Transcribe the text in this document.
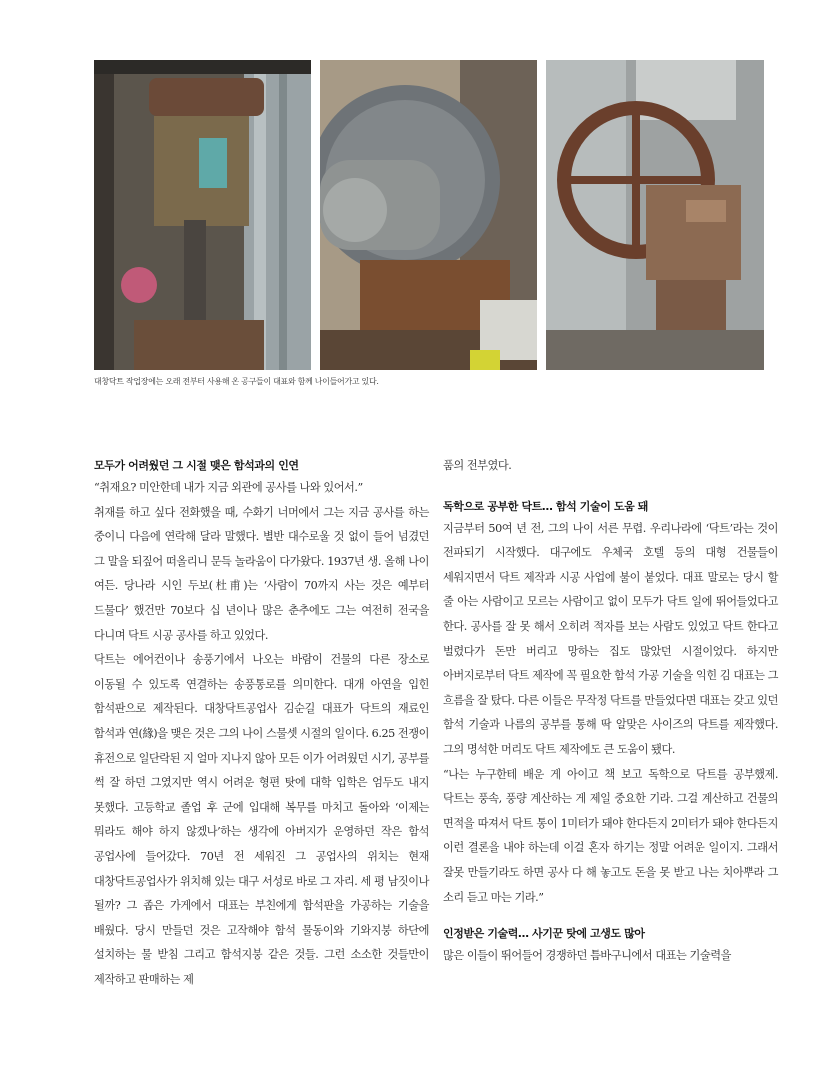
대창닥트 작업장에는 오래 전부터 사용해 온 공구들이 대표와 함께 나이들어가고 있다.
모두가 어려웠던 그 시절 맺은 함석과의 인연

“취재요? 미안한데 내가 지금 외관에 공사를 나와 있어서.”

취재를 하고 싶다 전화했을 때, 수화기 너머에서 그는 지금 공사를 하는 중이니 다음에 연락해 달라 말했다. 별반 대수로울 것 없이 들어 넘겼던 그 말을 되짚어 떠올리니 문득 놀라움이 다가왔다. 1937년 생. 올해 나이 여든. 당나라 시인 두보(杜甫)는 ‘사람이 70까지 사는 것은 예부터 드물다’ 했건만 70보다 십 년이나 많은 춘추에도 그는 여전히 전국을 다니며 닥트 시공 공사를 하고 있었다.

닥트는 에어컨이나 송풍기에서 나오는 바람이 건물의 다른 장소로 이동될 수 있도록 연결하는 송풍통로를 의미한다. 대개 아연을 입힌 함석판으로 제작된다. 대창닥트공업사 김순길 대표가 닥트의 재료인 함석과 연(緣)을 맺은 것은 그의 나이 스물셋 시절의 일이다. 6.25 전쟁이 휴전으로 일단락된 지 얼마 지나지 않아 모든 이가 어려웠던 시기, 공부를 썩 잘 하던 그였지만 역시 어려운 형편 탓에 대학 입학은 엄두도 내지 못했다. 고등학교 졸업 후 군에 입대해 복무를 마치고 돌아와 ‘이제는 뭐라도 해야 하지 않겠나’하는 생각에 아버지가 운영하던 작은 함석 공업사에 들어갔다. 70년 전 세워진 그 공업사의 위치는 현재 대창닥트공업사가 위치해 있는 대구 서성로 바로 그 자리. 세 평 남짓이나 될까? 그 좁은 가게에서 대표는 부친에게 함석판을 가공하는 기술을 배웠다. 당시 만들던 것은 고작해야 함석 물동이와 기와지붕 하단에 설치하는 물 받침 그리고 함석지붕 같은 것들. 그런 소소한 것들만이 제작하고 판매하는 제

품의 전부였다.

독학으로 공부한 닥트… 함석 기술이 도움 돼

지금부터 50여 년 전, 그의 나이 서른 무렵. 우리나라에 ‘닥트’라는 것이 전파되기 시작했다. 대구에도 우체국 호텔 등의 대형 건물들이 세워지면서 닥트 제작과 시공 사업에 불이 붙었다. 대표 말로는 당시 할 줄 아는 사람이고 모르는 사람이고 없이 모두가 닥트 일에 뛰어들었다고 한다. 공사를 잘 못 해서 오히려 적자를 보는 사람도 있었고 닥트 한다고 벌렸다가 돈만 버리고 망하는 집도 많았던 시절이었다. 하지만 아버지로부터 닥트 제작에 꼭 필요한 함석 가공 기술을 익힌 김 대표는 그 흐름을 잘 탔다. 다른 이들은 무작정 닥트를 만들었다면 대표는 갖고 있던 함석 기술과 나름의 공부를 통해 딱 알맞은 사이즈의 닥트를 제작했다. 그의 명석한 머리도 닥트 제작에도 큰 도움이 됐다.

“나는 누구한테 배운 게 아이고 책 보고 독학으로 닥트를 공부했제. 닥트는 풍속, 풍량 계산하는 게 제일 중요한 기라. 그걸 계산하고 건물의 면적을 따져서 닥트 통이 1미터가 돼야 한다든지 2미터가 돼야 한다든지 이런 결론을 내야 하는데 이걸 혼자 하기는 정말 어려운 일이지. 그래서 잘못 만들기라도 하면 공사 다 해 놓고도 돈을 못 받고 나는 치아뿌라 그 소리 듣고 마는 기라.”

인정받은 기술력… 사기꾼 탓에 고생도 많아

많은 이들이 뛰어들어 경쟁하던 틈바구니에서 대표는 기술력을
